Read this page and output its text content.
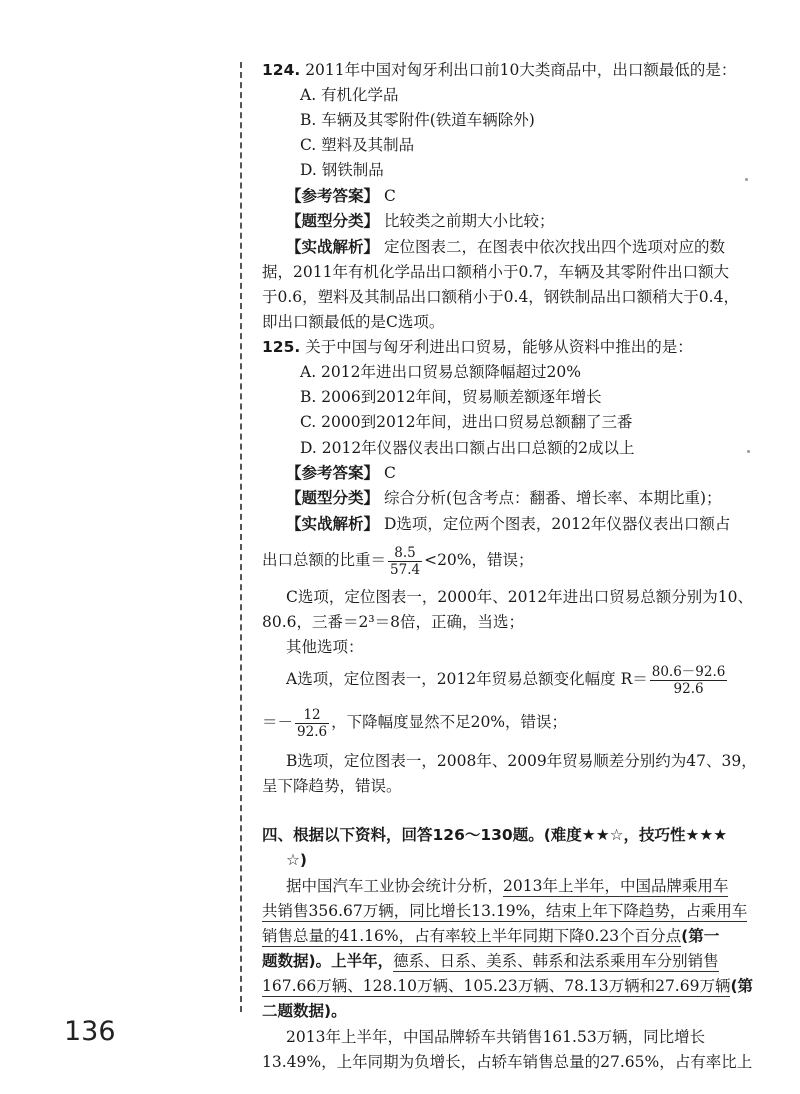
124. 2011年中国对匈牙利出口前10大类商品中，出口额最低的是：
A. 有机化学品
B. 车辆及其零附件(铁道车辆除外)
C. 塑料及其制品
D. 钢铁制品
【参考答案】 C
【题型分类】 比较类之前期大小比较；
【实战解析】 定位图表二，在图表中依次找出四个选项对应的数
据，2011年有机化学品出口额稍小于0.7，车辆及其零附件出口额大
于0.6，塑料及其制品出口额稍小于0.4，钢铁制品出口额稍大于0.4，
即出口额最低的是C选项。
125. 关于中国与匈牙利进出口贸易，能够从资料中推出的是：
A. 2012年进出口贸易总额降幅超过20%
B. 2006到2012年间，贸易顺差额逐年增长
C. 2000到2012年间，进出口贸易总额翻了三番
D. 2012年仪器仪表出口额占出口总额的2成以上
【参考答案】 C
【题型分类】 综合分析(包含考点：翻番、增长率、本期比重)；
【实战解析】 D选项，定位两个图表，2012年仪器仪表出口额占
出口总额的比重＝ $\frac{8.5}{57.4} <20\%$，错误；
C选项，定位图表一，2000年、2012年进出口贸易总额分别为10、
80.6，三番＝2³＝8倍，正确，当选；
其他选项：
A选项，定位图表一，2012年贸易总额变化幅度 $R= \frac{80.6-92.6}{92.6}$
＝－ $\frac{12}{92.6}$ ，下降幅度显然不足20%，错误；
B选项，定位图表一，2008年、2009年贸易顺差分别约为47、39，
呈下降趋势，错误。
四、根据以下资料，回答126～130题。(难度★★☆，技巧性★★★
☆)
据中国汽车工业协会统计分析，2013年上半年，中国品牌乘用车
共销售356.67万辆，同比增长13.19%，结束上年下降趋势，占乘用车
销售总量的41.16%，占有率较上半年同期下降0.23个百分点(第一
题数据)。上半年，德系、日系、美系、韩系和法系乘用车分别销售
167.66万辆、128.10万辆、105.23万辆、78.13万辆和27.69万辆(第
二题数据)。
2013年上半年，中国品牌轿车共销售161.53万辆，同比增长
13.49%，上年同期为负增长，占轿车销售总量的27.65%，占有率比上
136
